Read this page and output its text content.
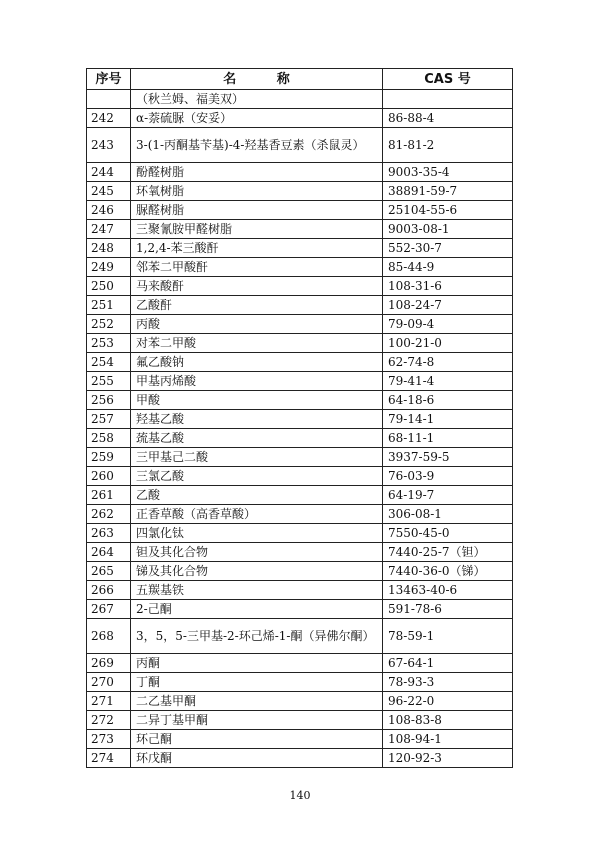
序号	名 称	CAS 号
	（秋兰姆、福美双）	
242	α-萘硫脲（安妥）	86-88-4
243	3-(1-丙酮基苄基)-4-羟基香豆素（杀鼠灵）	81-81-2
244	酚醛树脂	9003-35-4
245	环氧树脂	38891-59-7
246	脲醛树脂	25104-55-6
247	三聚氰胺甲醛树脂	9003-08-1
248	1,2,4-苯三酸酐	552-30-7
249	邻苯二甲酸酐	85-44-9
250	马来酸酐	108-31-6
251	乙酸酐	108-24-7
252	丙酸	79-09-4
253	对苯二甲酸	100-21-0
254	氟乙酸钠	62-74-8
255	甲基丙烯酸	79-41-4
256	甲酸	64-18-6
257	羟基乙酸	79-14-1
258	巯基乙酸	68-11-1
259	三甲基己二酸	3937-59-5
260	三氯乙酸	76-03-9
261	乙酸	64-19-7
262	正香草酸（高香草酸）	306-08-1
263	四氯化钛	7550-45-0
264	钽及其化合物	7440-25-7（钽）
265	锑及其化合物	7440-36-0（锑）
266	五羰基铁	13463-40-6
267	2-己酮	591-78-6
268	3，5，5-三甲基-2-环己烯-1-酮（异佛尔酮）	78-59-1
269	丙酮	67-64-1
270	丁酮	78-93-3
271	二乙基甲酮	96-22-0
272	二异丁基甲酮	108-83-8
273	环己酮	108-94-1
274	环戊酮	120-92-3
140
